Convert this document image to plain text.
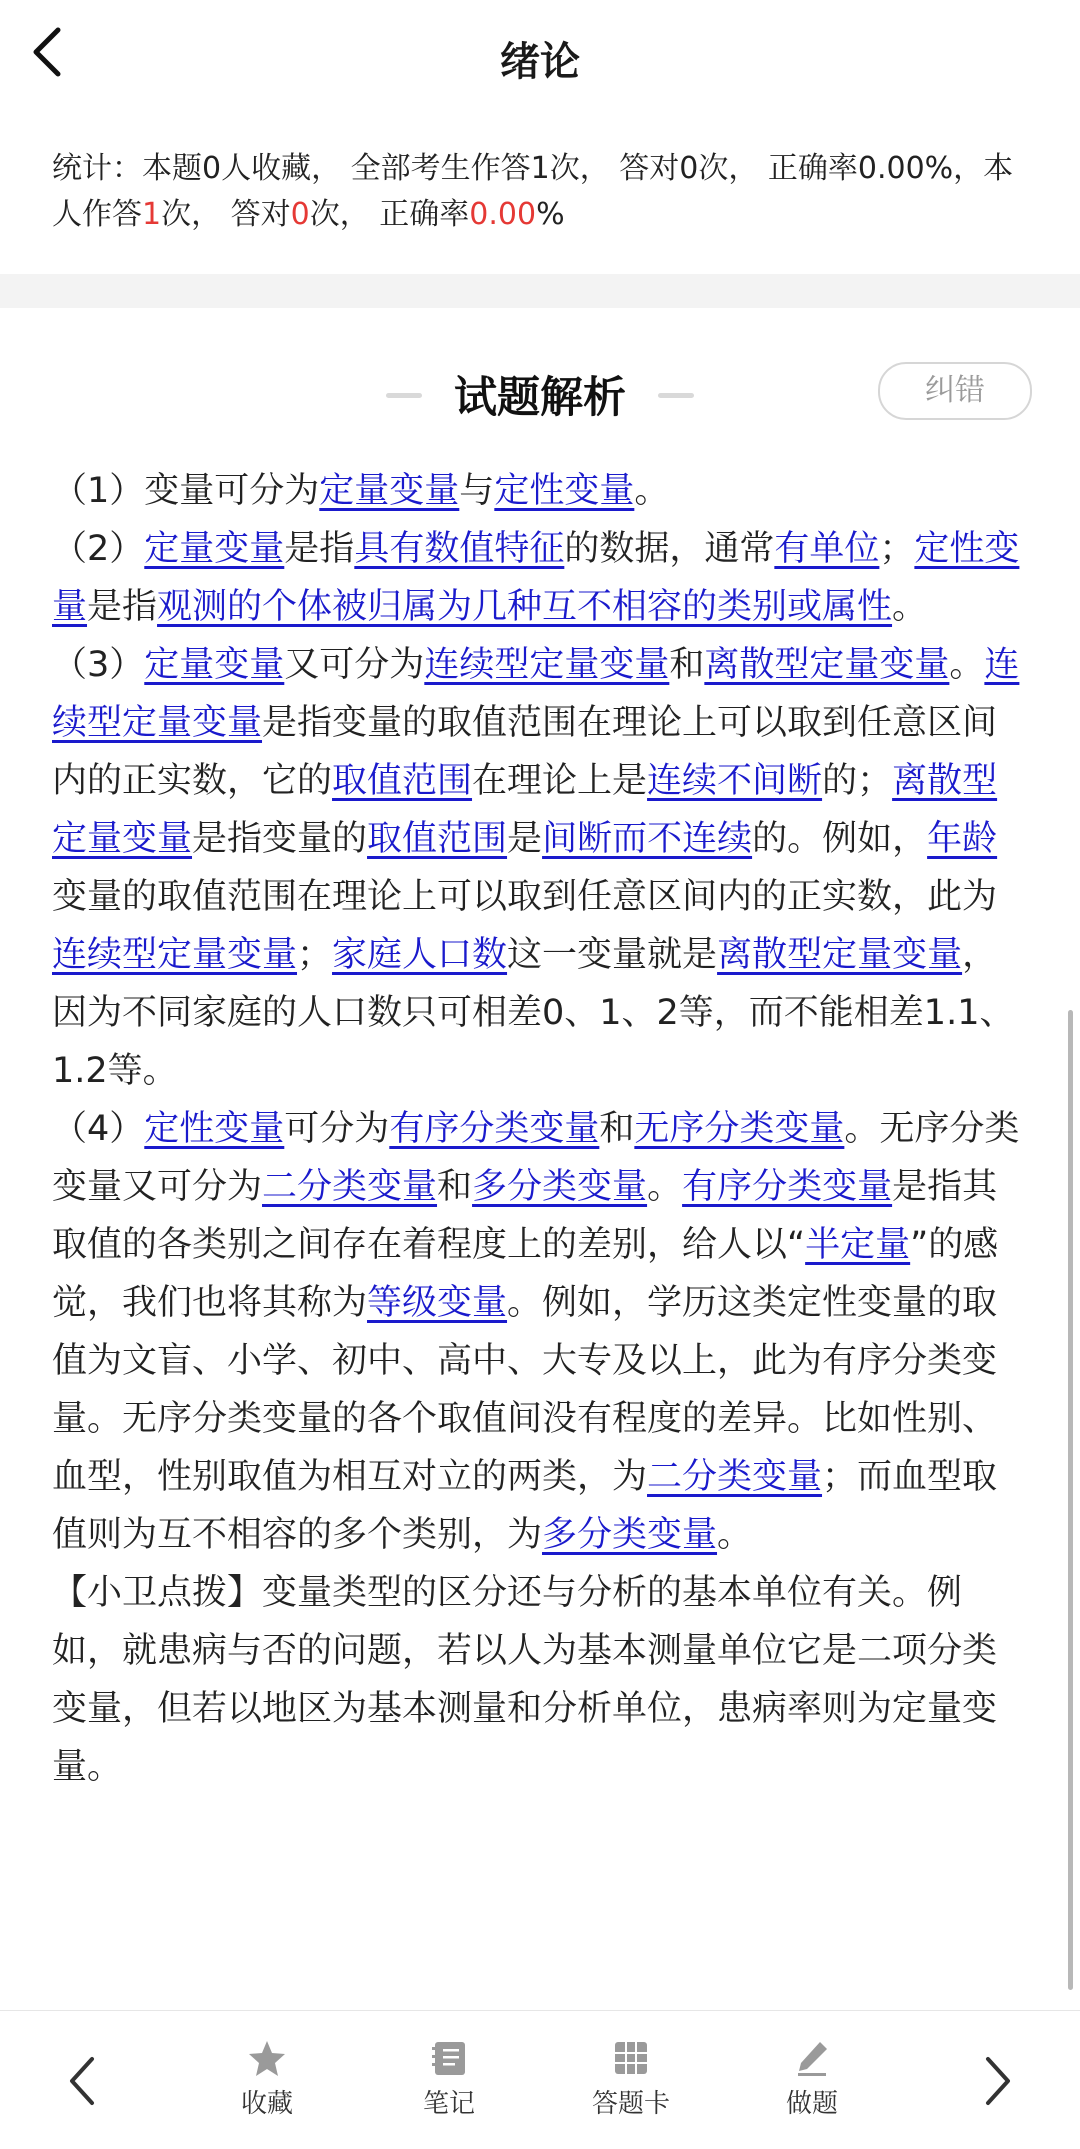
绪论
统计：本题0人收藏， 全部考生作答1次， 答对0次， 正确率0.00%，本
人作答1次， 答对0次， 正确率0.00%
试题解析	纠错

（1）变量可分为定量变量与定性变量。

（2）定量变量是指具有数值特征的数据，通常有单位；定性变量是指观测的个体被归属为几种互不相容的类别或属性。

（3）定量变量又可分为连续型定量变量和离散型定量变量。连续型定量变量是指变量的取值范围在理论上可以取到任意区间内的正实数，它的取值范围在理论上是连续不间断的；离散型定量变量是指变量的取值范围是间断而不连续的。例如，年龄变量的取值范围在理论上可以取到任意区间内的正实数，此为连续型定量变量；家庭人口数这一变量就是离散型定量变量，因为不同家庭的人口数只可相差0、1、2等，而不能相差1.1、1.2等。

（4）定性变量可分为有序分类变量和无序分类变量。无序分类变量又可分为二分类变量和多分类变量。有序分类变量是指其取值的各类别之间存在着程度上的差别，给人以“半定量”的感觉，我们也将其称为等级变量。例如，学历这类定性变量的取值为文盲、小学、初中、高中、大专及以上，此为有序分类变量。无序分类变量的各个取值间没有程度的差异。比如性别、血型，性别取值为相互对立的两类，为二分类变量；而血型取值则为互不相容的多个类别，为多分类变量。

【小卫点拨】变量类型的区分还与分析的基本单位有关。例如，就患病与否的问题，若以人为基本测量单位它是二项分类变量，但若以地区为基本测量和分析单位，患病率则为定量变量。

收藏	笔记	答题卡	做题
